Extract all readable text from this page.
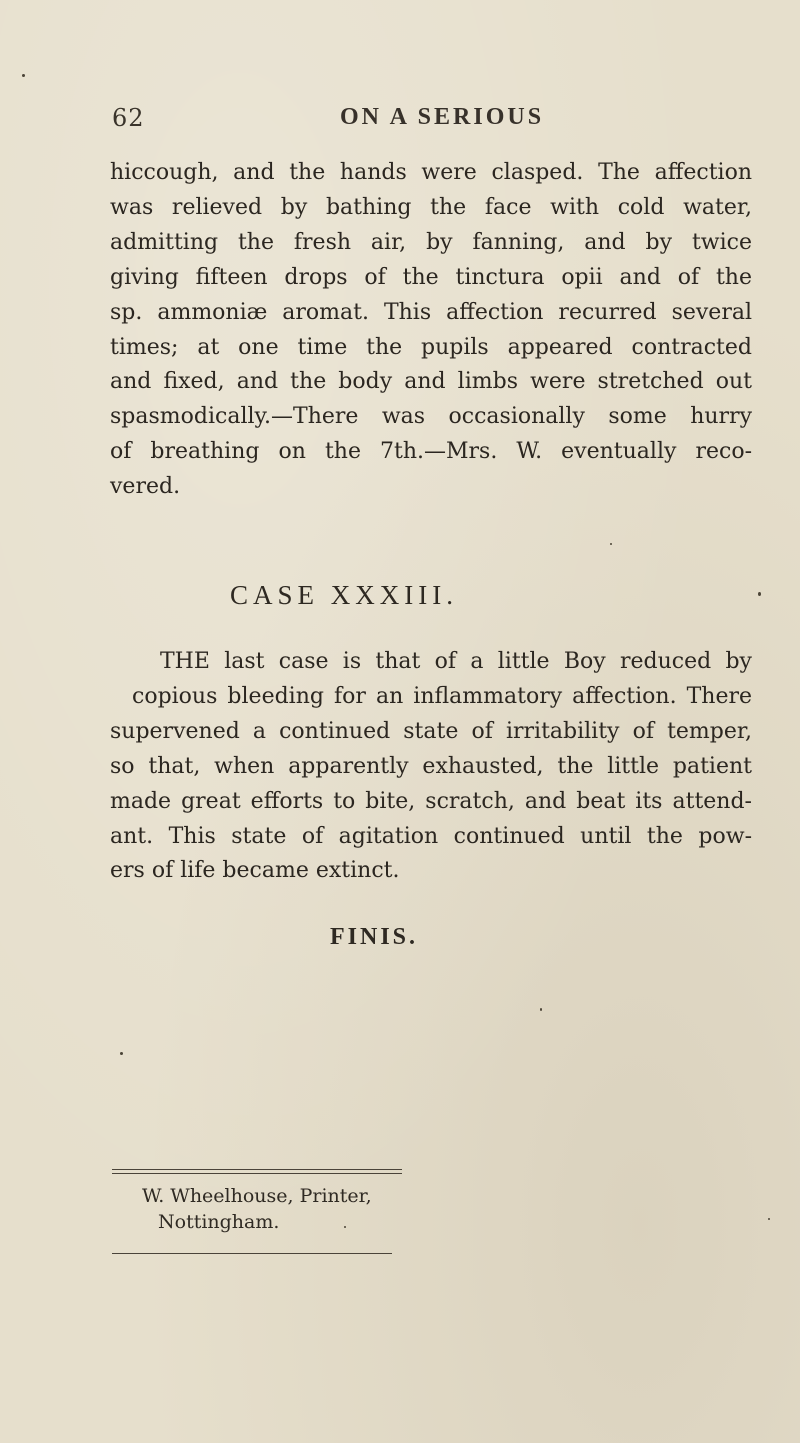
62	ON A SERIOUS
hiccough, and the hands were clasped. The affection
was relieved by bathing the face with cold water,
admitting the fresh air, by fanning, and by twice
giving fifteen drops of the tinctura opii and of the
sp. ammoniæ aromat. This affection recurred several
times; at one time the pupils appeared contracted
and fixed, and the body and limbs were stretched out
spasmodically.—There was occasionally some hurry
of breathing on the 7th.—Mrs. W. eventually reco-
vered.
CASE XXXIII.
THE last case is that of a little Boy reduced by
copious bleeding for an inflammatory affection. There
supervened a continued state of irritability of temper,
so that, when apparently exhausted, the little patient
made great efforts to bite, scratch, and beat its attend-
ant. This state of agitation continued until the pow-
ers of life became extinct.
FINIS.
W. Wheelhouse, Printer,
Nottingham.
